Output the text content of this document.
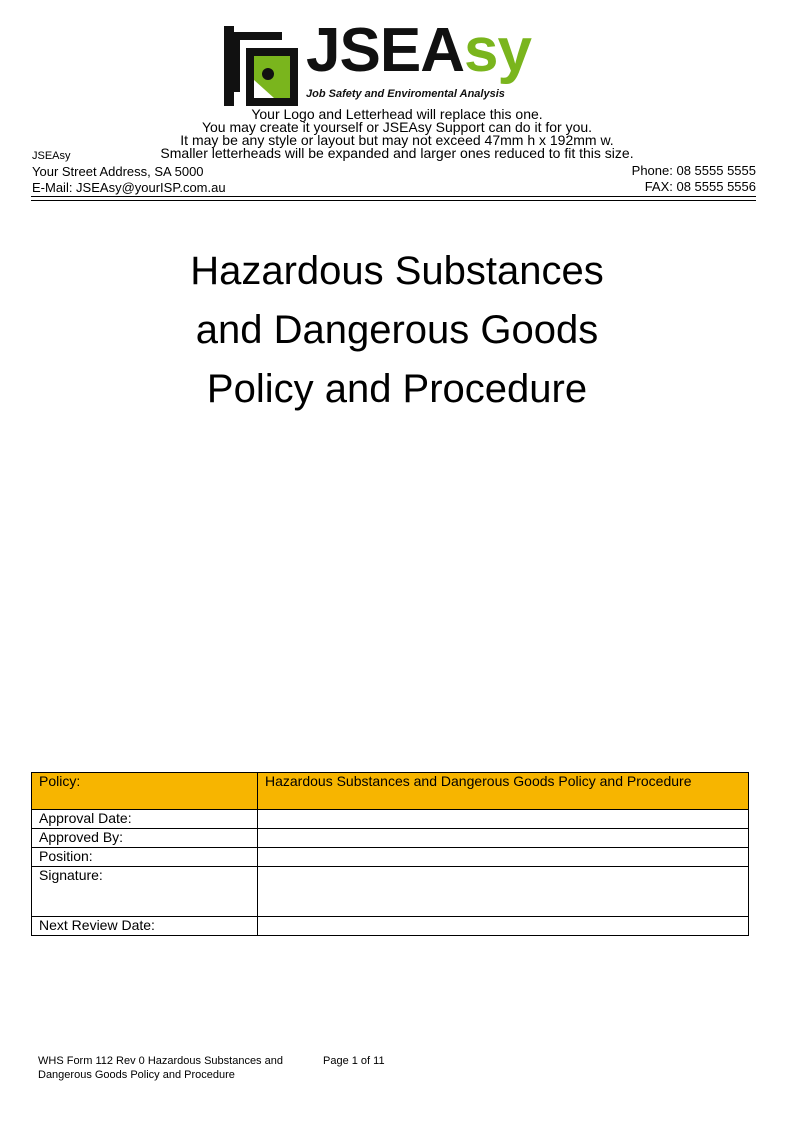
JSEAsy
Job Safety and Enviromental Analysis
Your Logo and Letterhead will replace this one.
You may create it yourself or JSEAsy Support can do it for you.
It may be any style or layout but may not exceed 47mm h x 192mm w.
Smaller letterheads will be expanded and larger ones reduced to fit this size.
JSEAsy
Your Street Address, SA 5000
E-Mail: JSEAsy@yourISP.com.au
Phone: 08 5555 5555
FAX: 08 5555 5556
Hazardous Substances
and Dangerous Goods
Policy and Procedure
Policy:	Hazardous Substances and Dangerous Goods Policy and Procedure
Approval Date:	
Approved By:	
Position:	
Signature:	
Next Review Date:	
WHS Form 112 Rev 0 Hazardous Substances and Dangerous Goods Policy and Procedure
Page 1 of 11
